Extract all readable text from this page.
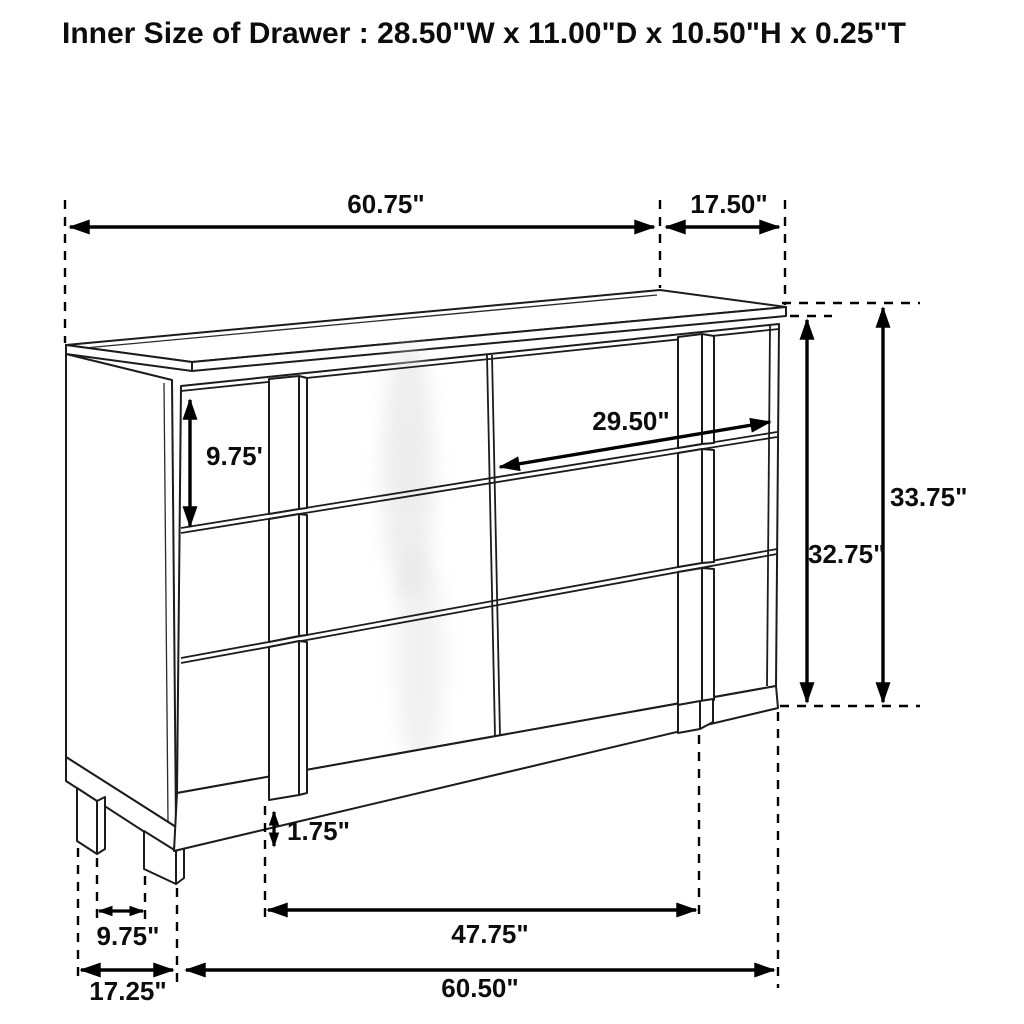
Inner Size of Drawer : 28.50"W x 11.00"D x 10.50"H x 0.25"T
60.75"	17.50"
9.75'
29.50"
33.75"
32.75"
1.75"
9.75"	47.75"
17.25"	60.50"
